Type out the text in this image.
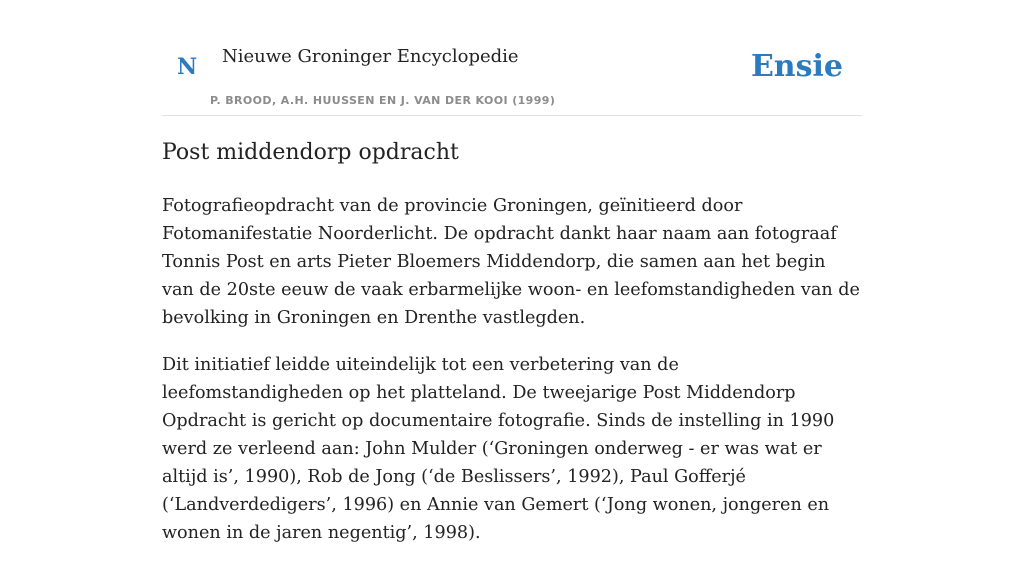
N Nieuwe Groninger Encyclopedie
P. BROOD, A.H. HUUSSEN EN J. VAN DER KOOI (1999)
Ensie
Post middendorp opdracht

Fotografieopdracht van de provincie Groningen, geïnitieerd door Fotomanifestatie Noorderlicht. De opdracht dankt haar naam aan fotograaf Tonnis Post en arts Pieter Bloemers Middendorp, die samen aan het begin van de 20ste eeuw de vaak erbarmelijke woon- en leefomstandigheden van de bevolking in Groningen en Drenthe vastlegden.

Dit initiatief leidde uiteindelijk tot een verbetering van de leefomstandigheden op het platteland. De tweejarige Post Middendorp Opdracht is gericht op documentaire fotografie. Sinds de instelling in 1990 werd ze verleend aan: John Mulder (‘Groningen onderweg - er was wat er altijd is’, 1990), Rob de Jong (‘de Beslissers’, 1992), Paul Gofferjé (‘Landverdedigers’, 1996) en Annie van Gemert (‘Jong wonen, jongeren en wonen in de jaren negentig’, 1998).
